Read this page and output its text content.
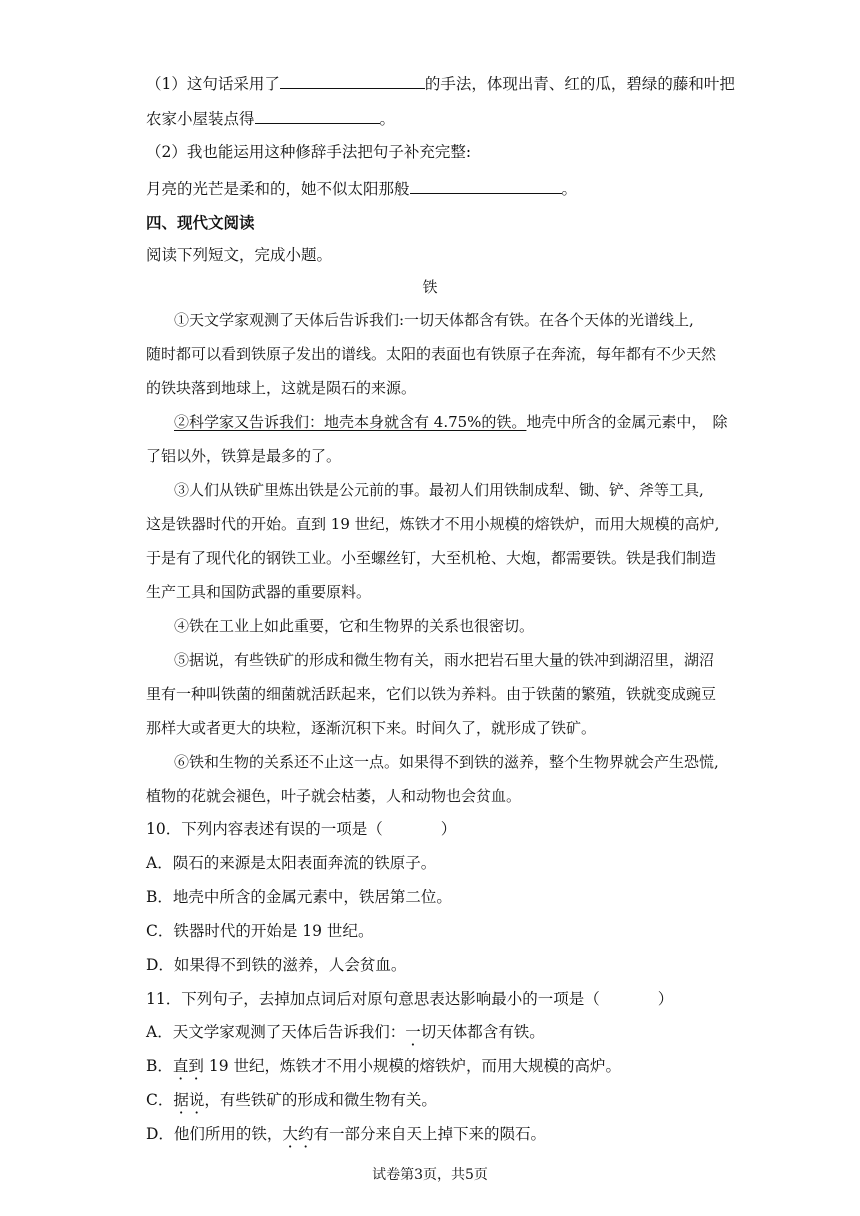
（1）这句话采用了	的手法，体现出青、红的瓜，碧绿的藤和叶把
农家小屋装点得	。
（2）我也能运用这种修辞手法把句子补充完整:
月亮的光芒是柔和的，她不似太阳那般	。
四、现代文阅读
阅读下列短文，完成小题。
铁
①天文学家观测了天体后告诉我们:一切天体都含有铁。在各个天体的光谱线上,
随时都可以看到铁原子发出的谱线。太阳的表面也有铁原子在奔流，每年都有不少天然
的铁块落到地球上，这就是陨石的来源。
②科学家又告诉我们：地壳本身就含有 4.75%的铁。地壳中所含的金属元素中， 除
了铝以外，铁算是最多的了。
③人们从铁矿里炼出铁是公元前的事。最初人们用铁制成犁、锄、铲、斧等工具,
这是铁器时代的开始。直到 19 世纪，炼铁才不用小规模的熔铁炉，而用大规模的高炉,
于是有了现代化的钢铁工业。小至螺丝钉，大至机枪、大炮，都需要铁。铁是我们制造
生产工具和国防武器的重要原料。
④铁在工业上如此重要，它和生物界的关系也很密切。
⑤据说，有些铁矿的形成和微生物有关，雨水把岩石里大量的铁冲到湖沼里，湖沼
里有一种叫铁菌的细菌就活跃起来，它们以铁为养料。由于铁菌的繁殖，铁就变成豌豆
那样大或者更大的块粒，逐渐沉积下来。时间久了，就形成了铁矿。
⑥铁和生物的关系还不止这一点。如果得不到铁的滋养，整个生物界就会产生恐慌,
植物的花就会褪色，叶子就会枯萎，人和动物也会贫血。
10．下列内容表述有误的一项是（	）
A．陨石的来源是太阳表面奔流的铁原子。
B．地壳中所含的金属元素中，铁居第二位。
C．铁器时代的开始是 19 世纪。
D．如果得不到铁的滋养，人会贫血。
11．下列句子，去掉加点词后对原句意思表达影响最小的一项是（	）
A．天文学家观测了天体后告诉我们：一切天体都含有铁。
B．直到 19 世纪，炼铁才不用小规模的熔铁炉，而用大规模的高炉。
C．据说，有些铁矿的形成和微生物有关。
D．他们所用的铁，大约有一部分来自天上掉下来的陨石。
试卷第3页，共5页
